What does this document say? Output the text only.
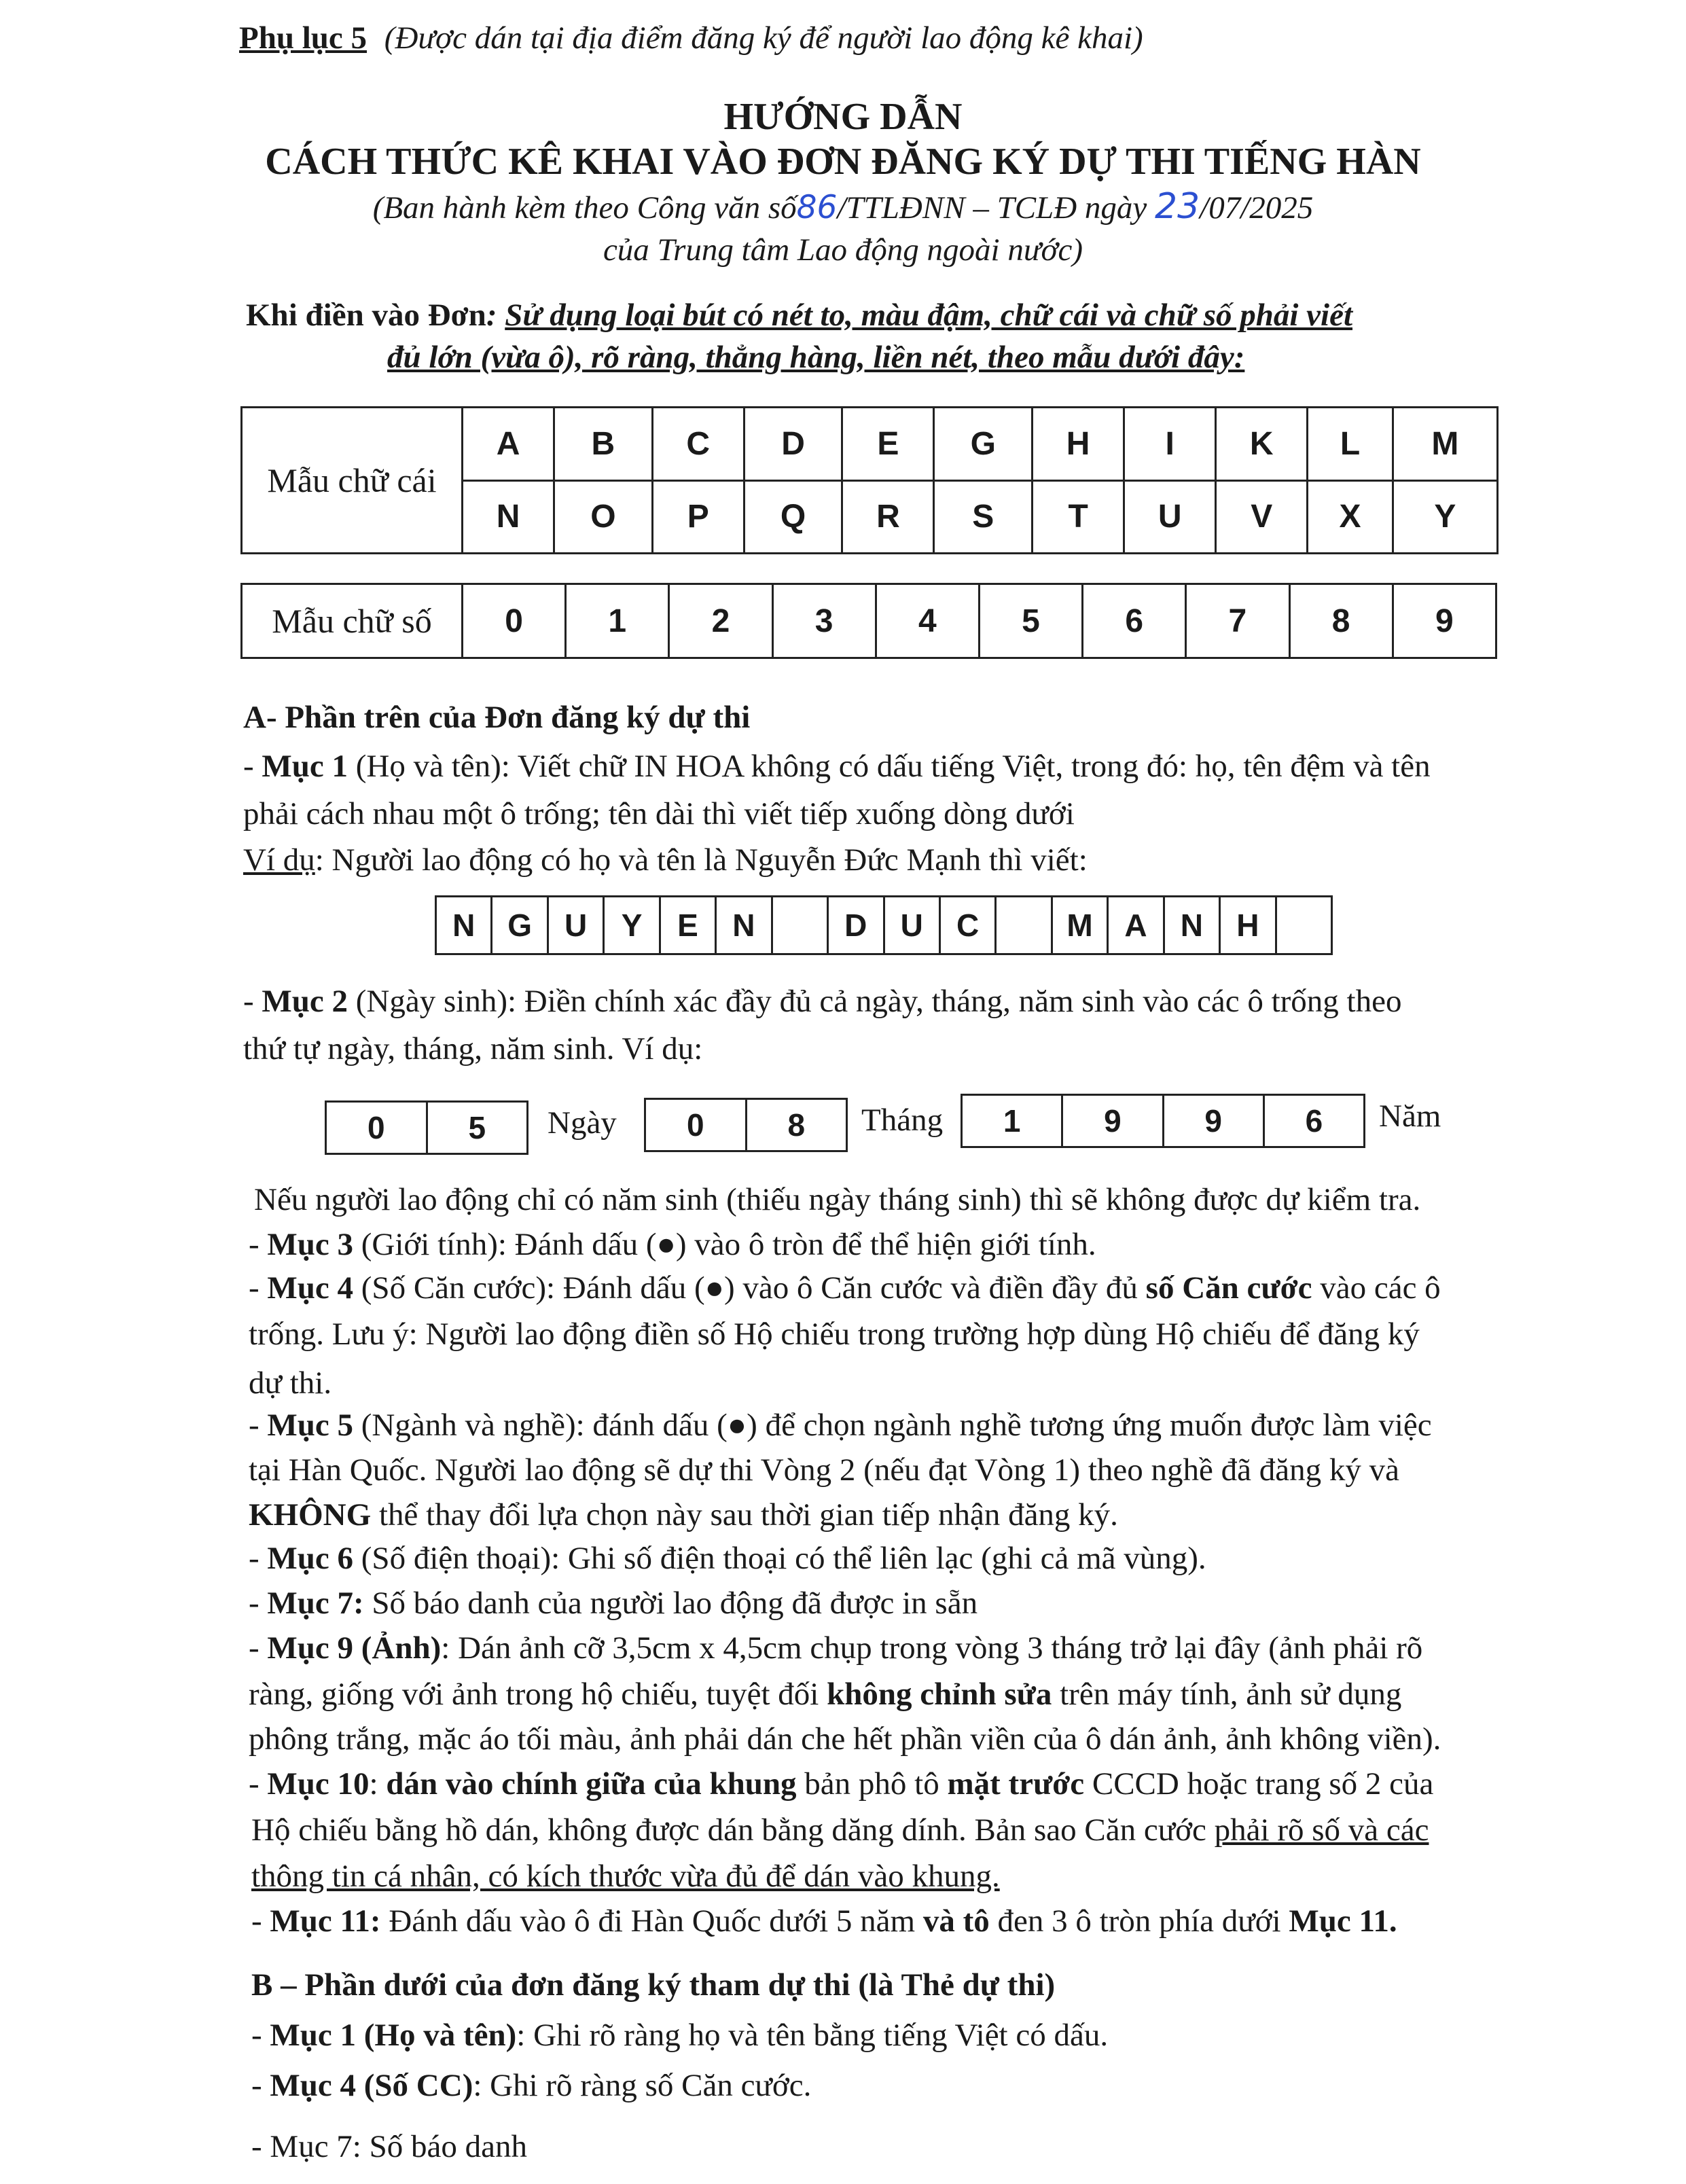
Phụ lục 5 (Được dán tại địa điểm đăng ký để người lao động kê khai)
HƯỚNG DẪN
CÁCH THỨC KÊ KHAI VÀO ĐƠN ĐĂNG KÝ DỰ THI TIẾNG HÀN
(Ban hành kèm theo Công văn số86/TTLĐNN – TCLĐ ngày 23/07/2025
của Trung tâm Lao động ngoài nước)
Khi điền vào Đơn: Sử dụng loại bút có nét to, màu đậm, chữ cái và chữ số phải viết
đủ lớn (vừa ô), rõ ràng, thẳng hàng, liền nét, theo mẫu dưới đây:
Mẫu chữ cái	A	B	C	D	E	G	H	I	K	L	M
	N	O	P	Q	R	S	T	U	V	X	Y
Mẫu chữ số	0	1	2	3	4	5	6	7	8	9
A- Phần trên của Đơn đăng ký dự thi
- Mục 1 (Họ và tên): Viết chữ IN HOA không có dấu tiếng Việt, trong đó: họ, tên đệm và tên
phải cách nhau một ô trống; tên dài thì viết tiếp xuống dòng dưới
Ví dụ: Người lao động có họ và tên là Nguyễn Đức Mạnh thì viết:
N	G	U	Y	E	N	D	U	C	M	A	N	H
- Mục 2 (Ngày sinh): Điền chính xác đầy đủ cả ngày, tháng, năm sinh vào các ô trống theo
thứ tự ngày, tháng, năm sinh. Ví dụ:
0	5	Ngày	0	8	Tháng	1	9	9	6	Năm
Nếu người lao động chỉ có năm sinh (thiếu ngày tháng sinh) thì sẽ không được dự kiểm tra.
- Mục 3 (Giới tính): Đánh dấu (●) vào ô tròn để thể hiện giới tính.
- Mục 4 (Số Căn cước): Đánh dấu (●) vào ô Căn cước và điền đầy đủ số Căn cước vào các ô
trống. Lưu ý: Người lao động điền số Hộ chiếu trong trường hợp dùng Hộ chiếu để đăng ký
dự thi.
- Mục 5 (Ngành và nghề): đánh dấu (●) để chọn ngành nghề tương ứng muốn được làm việc
tại Hàn Quốc. Người lao động sẽ dự thi Vòng 2 (nếu đạt Vòng 1) theo nghề đã đăng ký và
KHÔNG thể thay đổi lựa chọn này sau thời gian tiếp nhận đăng ký.
- Mục 6 (Số điện thoại): Ghi số điện thoại có thể liên lạc (ghi cả mã vùng).
- Mục 7: Số báo danh của người lao động đã được in sẵn
- Mục 9 (Ảnh): Dán ảnh cỡ 3,5cm x 4,5cm chụp trong vòng 3 tháng trở lại đây (ảnh phải rõ
ràng, giống với ảnh trong hộ chiếu, tuyệt đối không chỉnh sửa trên máy tính, ảnh sử dụng
phông trắng, mặc áo tối màu, ảnh phải dán che hết phần viền của ô dán ảnh, ảnh không viền).
- Mục 10: dán vào chính giữa của khung bản phô tô mặt trước CCCD hoặc trang số 2 của
Hộ chiếu bằng hồ dán, không được dán bằng dăng dính. Bản sao Căn cước phải rõ số và các
thông tin cá nhân, có kích thước vừa đủ để dán vào khung.
- Mục 11: Đánh dấu vào ô đi Hàn Quốc dưới 5 năm và tô đen 3 ô tròn phía dưới Mục 11.
B – Phần dưới của đơn đăng ký tham dự thi (là Thẻ dự thi)
- Mục 1 (Họ và tên): Ghi rõ ràng họ và tên bằng tiếng Việt có dấu.
- Mục 4 (Số CC): Ghi rõ ràng số Căn cước.
- Mục 7: Số báo danh
